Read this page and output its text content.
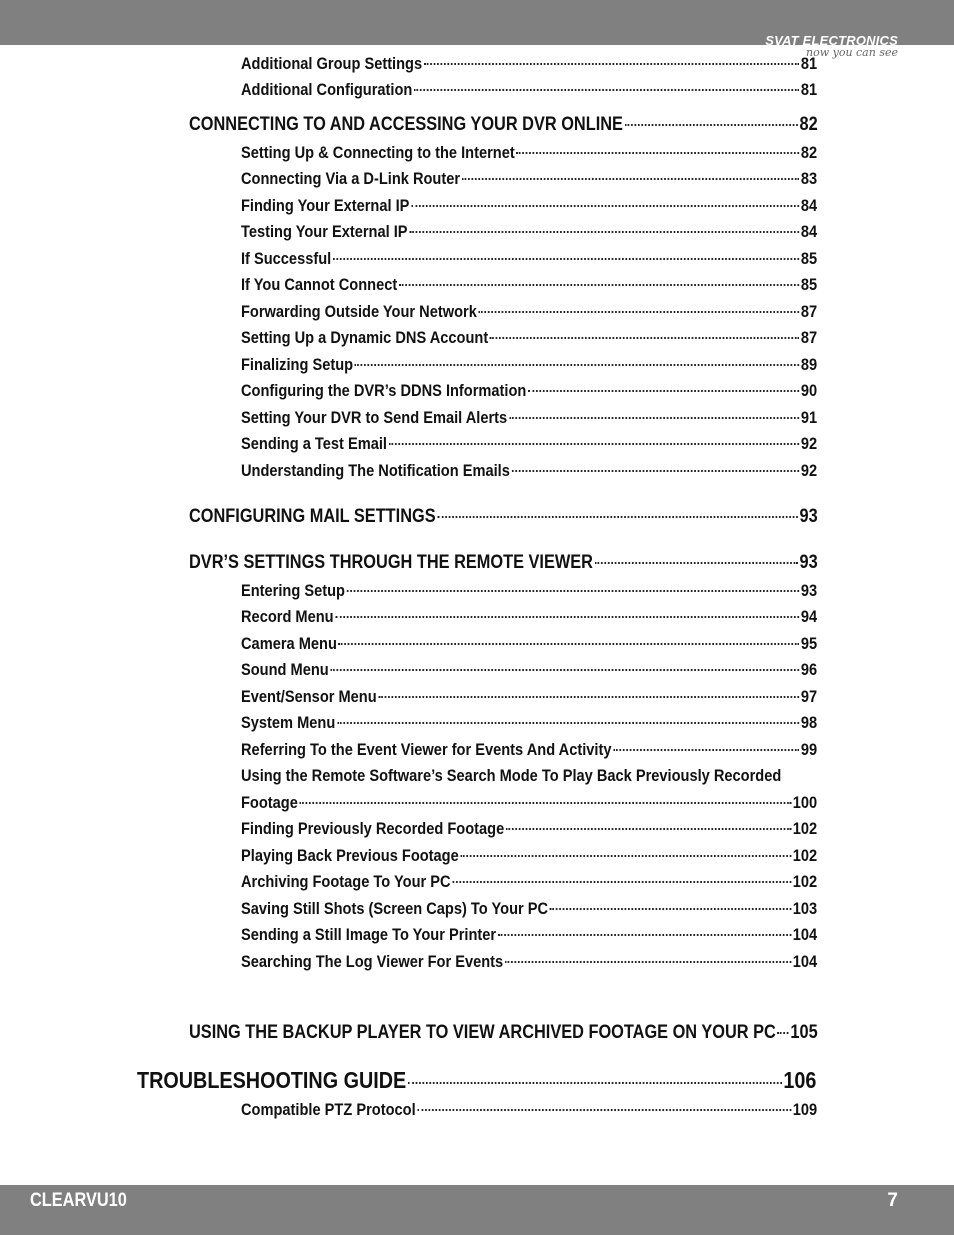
SVAT ELECTRONICS
now you can see
Additional Group Settings	81
Additional Configuration	81
CONNECTING TO AND ACCESSING YOUR DVR ONLINE	82
Setting Up & Connecting to the Internet	82
Connecting Via a D-Link Router	83
Finding Your External IP	84
Testing Your External IP	84
If Successful	85
If You Cannot Connect	85
Forwarding Outside Your Network	87
Setting Up a Dynamic DNS Account	87
Finalizing Setup	89
Configuring the DVR’s DDNS Information	90
Setting Your DVR to Send Email Alerts	91
Sending a Test Email	92
Understanding The Notification Emails	92
CONFIGURING MAIL SETTINGS	93
DVR’S SETTINGS THROUGH THE REMOTE VIEWER	93
Entering Setup	93
Record Menu	94
Camera Menu	95
Sound Menu	96
Event/Sensor Menu	97
System Menu	98
Referring To the Event Viewer for Events And Activity	99
Using the Remote Software’s Search Mode To Play Back Previously Recorded
Footage	100
Finding Previously Recorded Footage	102
Playing Back Previous Footage	102
Archiving Footage To Your PC	102
Saving Still Shots (Screen Caps) To Your PC	103
Sending a Still Image To Your Printer	104
Searching The Log Viewer For Events	104
USING THE BACKUP PLAYER TO VIEW ARCHIVED FOOTAGE ON YOUR PC 105
TROUBLESHOOTING GUIDE	106
Compatible PTZ Protocol	109
CLEARVU10	7
